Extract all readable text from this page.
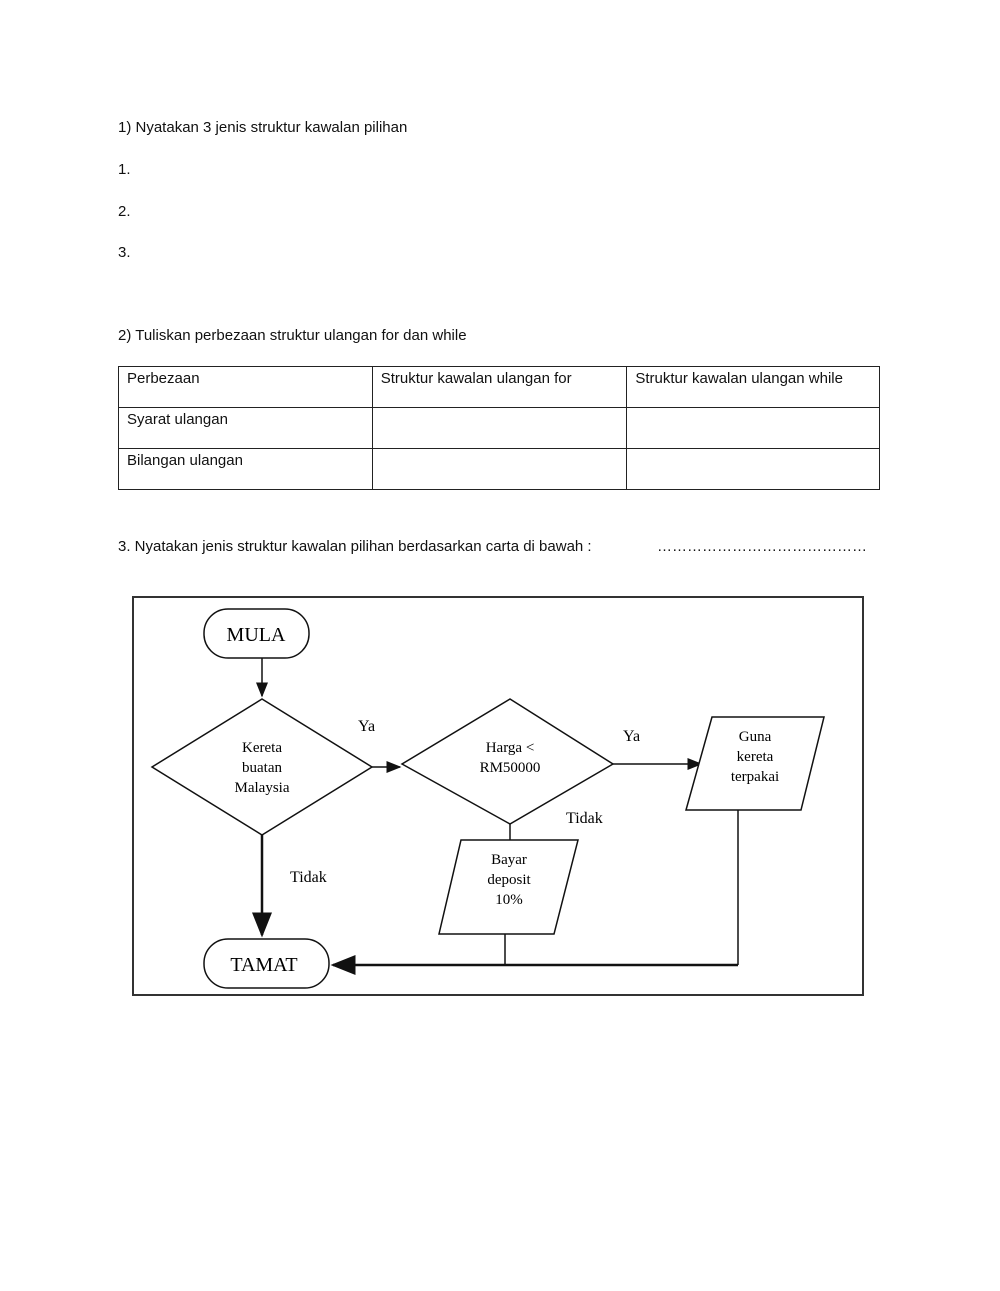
1) Nyatakan 3 jenis struktur kawalan pilihan
1.
2.
3.
2) Tuliskan perbezaan struktur ulangan for dan while
Perbezaan	Struktur kawalan ulangan for	Struktur kawalan ulangan while
Syarat ulangan		
Bilangan ulangan		
3. Nyatakan jenis struktur kawalan pilihan berdasarkan carta di bawah :	……………………………………
MULA
Kereta
buatan
Malaysia
Ya
Harga <
RM50000
Ya	Guna
kereta
terpakai
Tidak
Bayar
deposit
10%
Tidak
TAMAT
